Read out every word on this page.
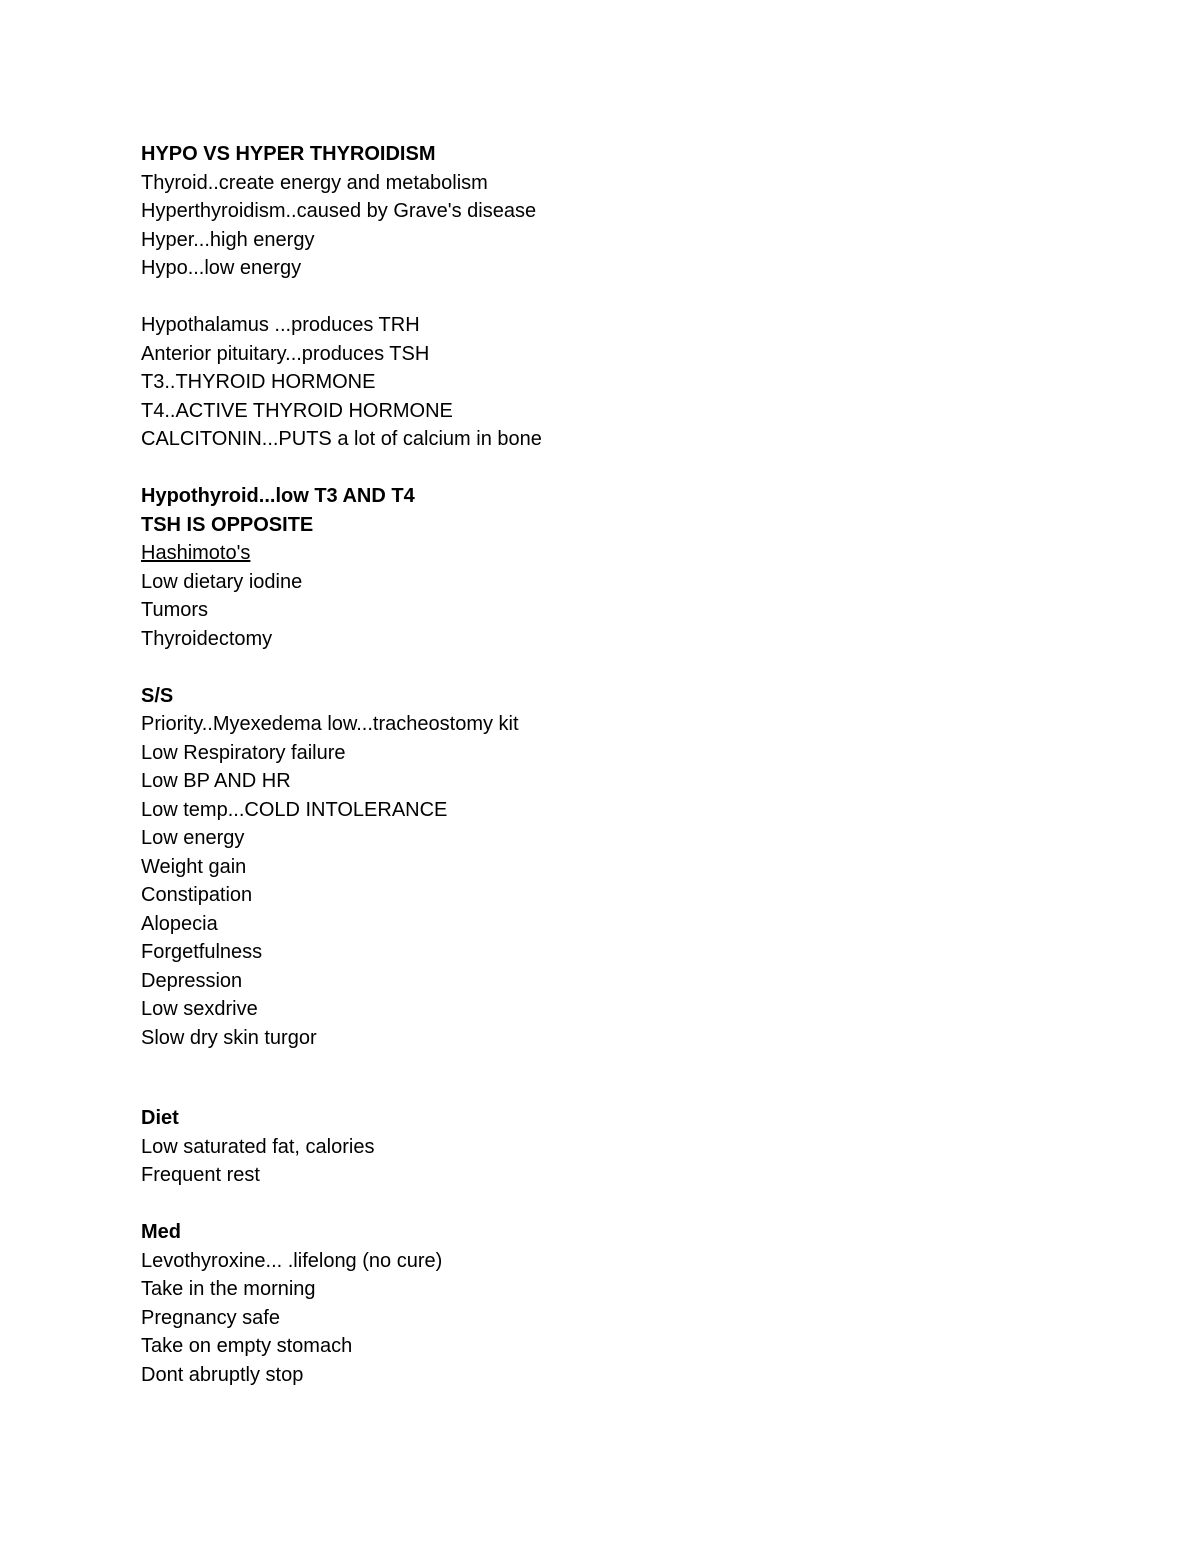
HYPO VS HYPER THYROIDISM

Thyroid..create energy and metabolism

Hyperthyroidism..caused by Grave's disease

Hyper...high energy

Hypo...low energy

Hypothalamus ...produces TRH

Anterior pituitary...produces TSH

T3..THYROID HORMONE

T4..ACTIVE THYROID HORMONE

CALCITONIN...PUTS a lot of calcium in bone

Hypothyroid...low T3 AND T4

TSH IS OPPOSITE

Hashimoto's

Low dietary iodine

Tumors

Thyroidectomy

S/S

Priority..Myexedema low...tracheostomy kit

Low Respiratory failure

Low BP AND HR

Low temp...COLD INTOLERANCE

Low energy

Weight gain

Constipation

Alopecia

Forgetfulness

Depression

Low sexdrive

Slow dry skin turgor

Diet

Low saturated fat, calories

Frequent rest

Med

Levothyroxine... .lifelong (no cure)

Take in the morning

Pregnancy safe

Take on empty stomach

Dont abruptly stop
